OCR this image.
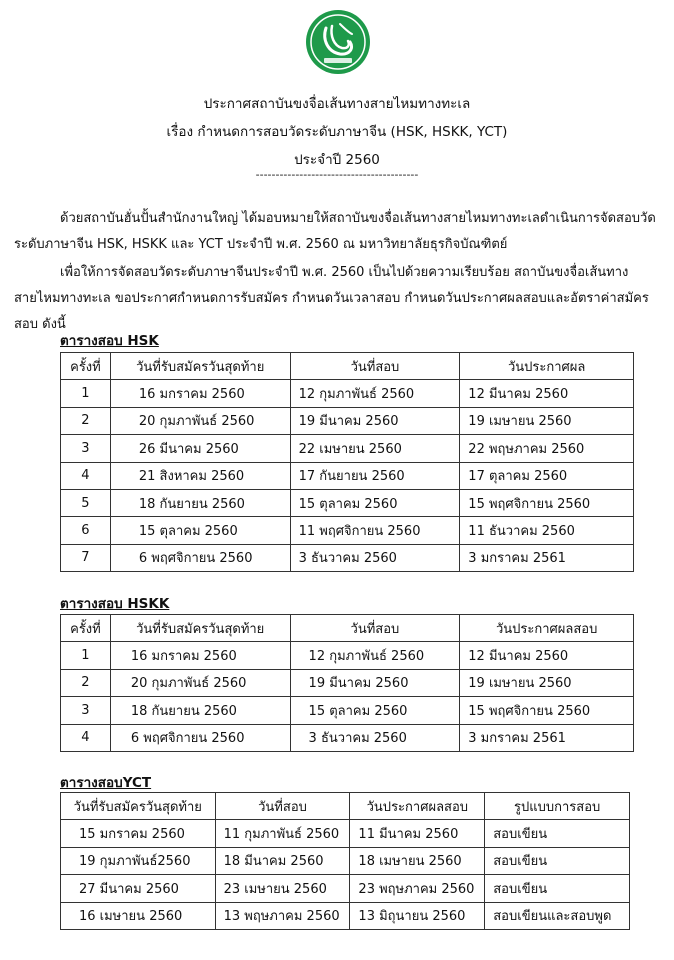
ประกาศสถาบันขงจื่อเส้นทางสายไหมทางทะเล
เรื่อง กำหนดการสอบวัดระดับภาษาจีน (HSK, HSKK, YCT)
ประจำปี 2560
-----------------------------------------
ด้วยสถาบันฮั่นปั้นสำนักงานใหญ่ ได้มอบหมายให้สถาบันขงจื่อเส้นทางสายไหมทางทะเลดำเนินการจัดสอบวัดระดับภาษาจีน HSK, HSKK และ YCT ประจำปี พ.ศ. 2560 ณ มหาวิทยาลัยธุรกิจบัณฑิตย์
เพื่อให้การจัดสอบวัดระดับภาษาจีนประจำปี พ.ศ. 2560 เป็นไปด้วยความเรียบร้อย สถาบันขงจื่อเส้นทางสายไหมทางทะเล ขอประกาศกำหนดการรับสมัคร กำหนดวันเวลาสอบ กำหนดวันประกาศผลสอบและอัตราค่าสมัครสอบ ดังนี้
ตารางสอบ HSK
ครั้งที่	วันที่รับสมัครวันสุดท้าย	วันที่สอบ	วันประกาศผล
1	16 มกราคม 2560	12 กุมภาพันธ์ 2560	12 มีนาคม 2560
2	20 กุมภาพันธ์ 2560	19 มีนาคม 2560	19 เมษายน 2560
3	26 มีนาคม 2560	22 เมษายน 2560	22 พฤษภาคม 2560
4	21 สิงหาคม 2560	17 กันยายน 2560	17 ตุลาคม 2560
5	18 กันยายน 2560	15 ตุลาคม 2560	15 พฤศจิกายน 2560
6	15 ตุลาคม 2560	11 พฤศจิกายน 2560	11 ธันวาคม 2560
7	6 พฤศจิกายน 2560	3 ธันวาคม 2560	3 มกราคม 2561
ตารางสอบ HSKK
ครั้งที่	วันที่รับสมัครวันสุดท้าย	วันที่สอบ	วันประกาศผลสอบ
1	16 มกราคม 2560	12 กุมภาพันธ์ 2560	12 มีนาคม 2560
2	20 กุมภาพันธ์ 2560	19 มีนาคม 2560	19 เมษายน 2560
3	18 กันยายน 2560	15 ตุลาคม 2560	15 พฤศจิกายน 2560
4	6 พฤศจิกายน 2560	3 ธันวาคม 2560	3 มกราคม 2561
ตารางสอบYCT
วันที่รับสมัครวันสุดท้าย	วันที่สอบ	วันประกาศผลสอบ	รูปแบบการสอบ
15 มกราคม 2560	11 กุมภาพันธ์ 2560	11 มีนาคม 2560	สอบเขียน
19 กุมภาพันธ์2560	18 มีนาคม 2560	18 เมษายน 2560	สอบเขียน
27 มีนาคม 2560	23 เมษายน 2560	23 พฤษภาคม 2560	สอบเขียน
16 เมษายน 2560	13 พฤษภาคม 2560	13 มิถุนายน 2560	สอบเขียนและสอบพูด
